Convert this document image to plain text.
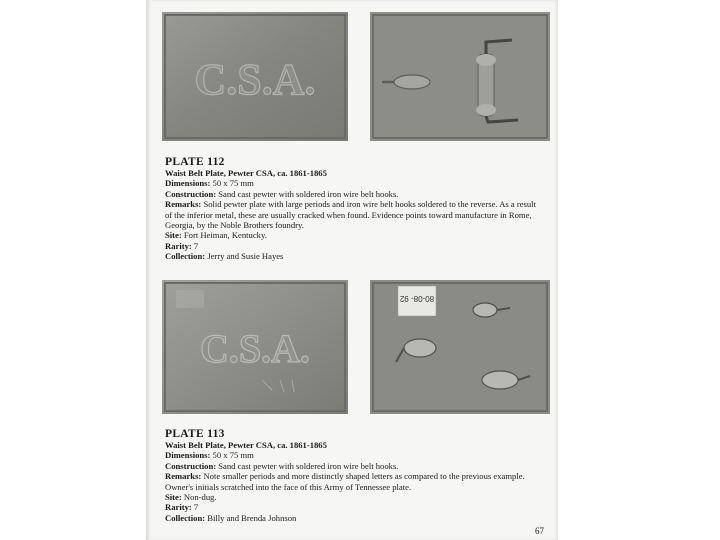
C.S.A.
PLATE 112
Waist Belt Plate, Pewter CSA, ca. 1861-1865
Dimensions: 50 x 75 mm
Construction: Sand cast pewter with soldered iron wire belt hooks.
Remarks: Solid pewter plate with large periods and iron wire belt hooks soldered to the reverse. As a result of the inferior metal, these are usually cracked when found. Evidence points toward manufacture in Rome, Georgia, by the Noble Brothers foundry.
Site: Fort Heiman, Kentucky.
Rarity: 7
Collection: Jerry and Susie Hayes
C.S.A.
80-08- 92
PLATE 113
Waist Belt Plate, Pewter CSA, ca. 1861-1865
Dimensions: 50 x 75 mm
Construction: Sand cast pewter with soldered iron wire belt hooks.
Remarks: Note smaller periods and more distinctly shaped letters as compared to the previous example. Owner's initials scratched into the face of this Army of Tennessee plate.
Site: Non-dug.
Rarity: 7
Collection: Billy and Brenda Johnson
67
